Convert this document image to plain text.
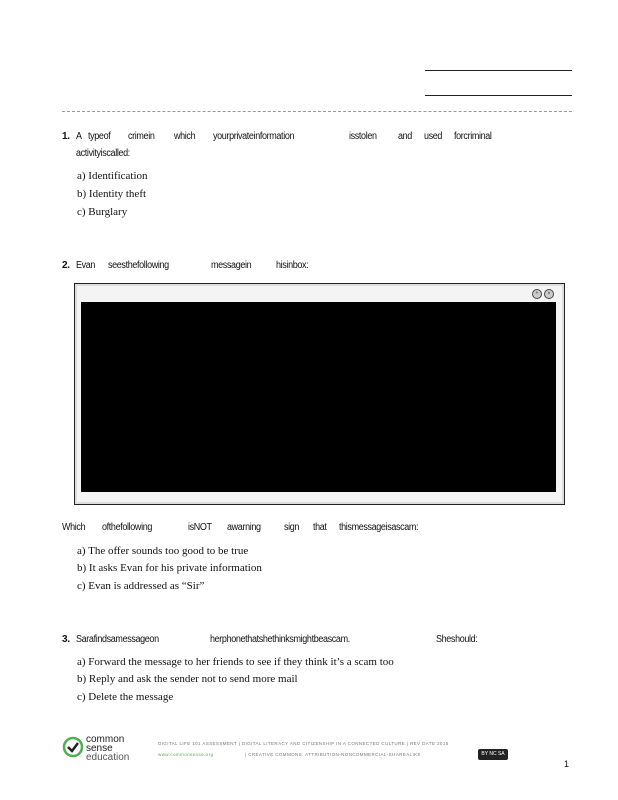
1. A typeof crimein which yourprivateinformation	isstolen and used forcriminal
activityiscalled:
a) Identification
b) Identity theft
c) Burglary
2. Evan seesthefollowing	messagein hisinbox:
+	×
Which ofthefollowing	isNOT awarning sign that thismessageisascam:
a) The offer sounds too good to be true
b) It asks Evan for his private information
c) Evan is addressed as “Sir”
3. Sarafindsamessageon	herphonethatshethinksmightbeascam.	Sheshould:
a) Forward the message to her friends to see if they think it’s a scam too
b) Reply and ask the sender not to send more mail
c) Delete the message
common
sense
education
DIGITAL LIFE 101 ASSESSMENT | DIGITAL LITERACY AND CITIZENSHIP IN A CONNECTED CULTURE | REV DATE 2015
www.commonsense.org	| CREATIVE COMMONS: ATTRIBUTION-NONCOMMERCIAL-SHAREALIKE	BY NC SA
1
